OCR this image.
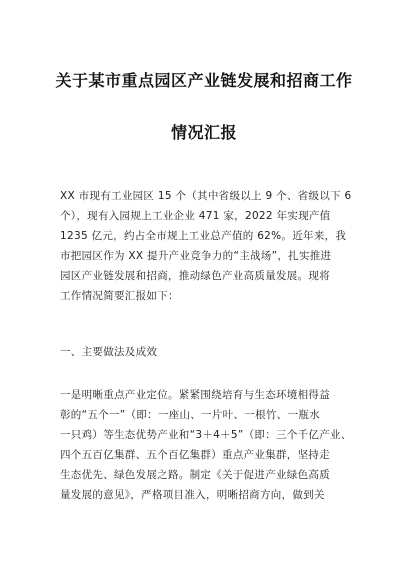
关于某市重点园区产业链发展和招商工作
情况汇报
XX 市现有工业园区 15 个（其中省级以上 9 个、省级以下 6
个），现有入园规上工业企业 471 家，2022 年实现产值
1235 亿元，约占全市规上工业总产值的 62%。近年来，我
市把园区作为 XX 提升产业竞争力的“主战场”，扎实推进
园区产业链发展和招商，推动绿色产业高质量发展。现将
工作情况简要汇报如下：
一、主要做法及成效
一是明晰重点产业定位。紧紧围绕培育与生态环境相得益
彰的“五个一”（即：一座山、一片叶、一根竹、一瓶水
一只鸡）等生态优势产业和“3＋4＋5”（即：三个千亿产业、
四个五百亿集群、五个百亿集群）重点产业集群，坚持走
生态优先、绿色发展之路。制定《关于促进产业绿色高质
量发展的意见》，严格项目准入，明晰招商方向，做到关
